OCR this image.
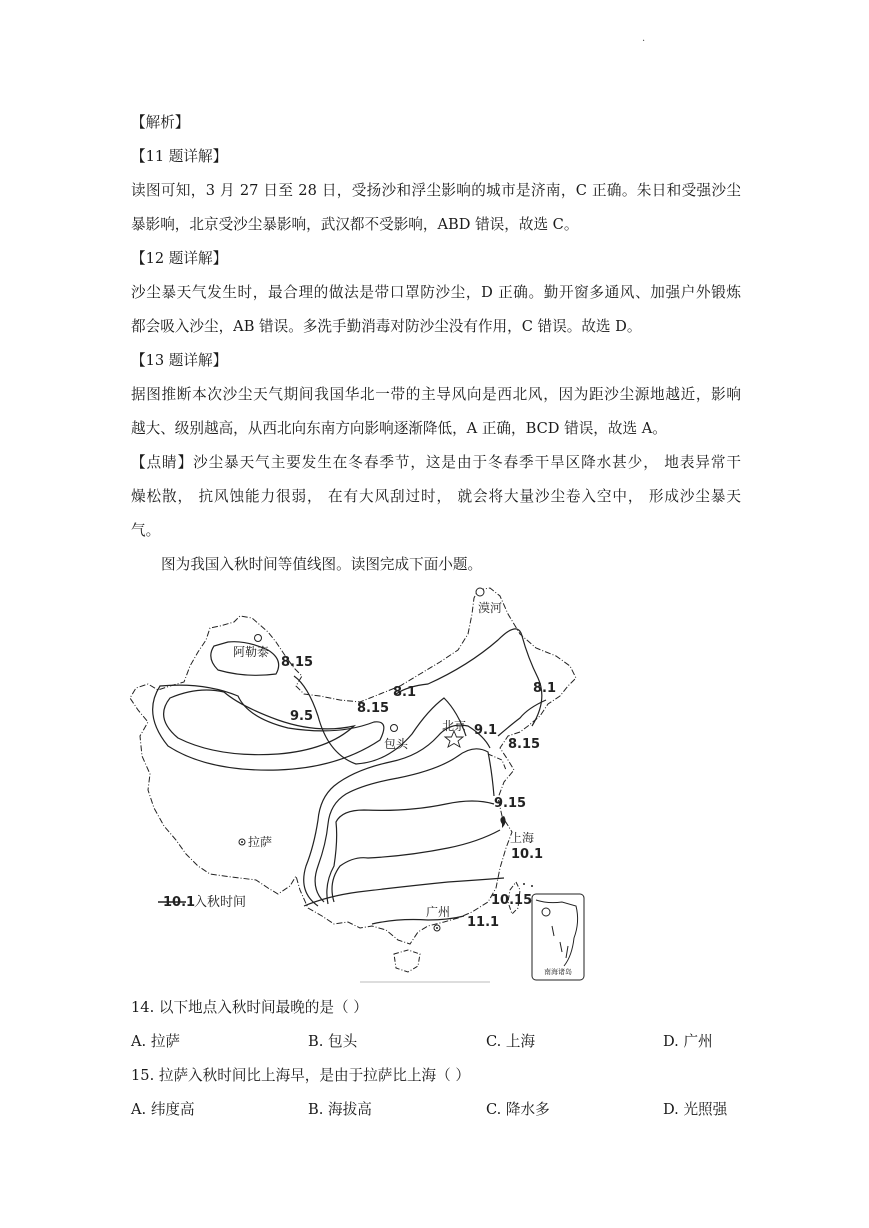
·
【解析】
【11 题详解】
读图可知，3 月 27 日至 28 日，受扬沙和浮尘影响的城市是济南，C 正确。朱日和受强沙尘
暴影响，北京受沙尘暴影响，武汉都不受影响，ABD 错误，故选 C。
【12 题详解】
沙尘暴天气发生时，最合理的做法是带口罩防沙尘，D 正确。勤开窗多通风、加强户外锻炼
都会吸入沙尘，AB 错误。多洗手勤消毒对防沙尘没有作用，C 错误。故选 D。
【13 题详解】
据图推断本次沙尘天气期间我国华北一带的主导风向是西北风，因为距沙尘源地越近，影响
越大、级别越高，从西北向东南方向影响逐渐降低，A 正确，BCD 错误，故选 A。
【点睛】沙尘暴天气主要发生在冬春季节，这是由于冬春季干旱区降水甚少， 地表异常干
燥松散， 抗风蚀能力很弱， 在有大风刮过时， 就会将大量沙尘卷入空中， 形成沙尘暴天
气。
图为我国入秋时间等值线图。读图完成下面小题。
南海诸岛
漠河
阿勒泰
北京
包头
拉萨	上海
广州
8.15
9.5
8.15
8.1	8.1
9.1
8.15
9.15
10.1
10.15
11.1
10.1
入秋时间
14. 以下地点入秋时间最晚的是（ ）
A. 拉萨	B. 包头	C. 上海	D. 广州
15. 拉萨入秋时间比上海早，是由于拉萨比上海（ ）
A. 纬度高	B. 海拔高	C. 降水多	D. 光照强
